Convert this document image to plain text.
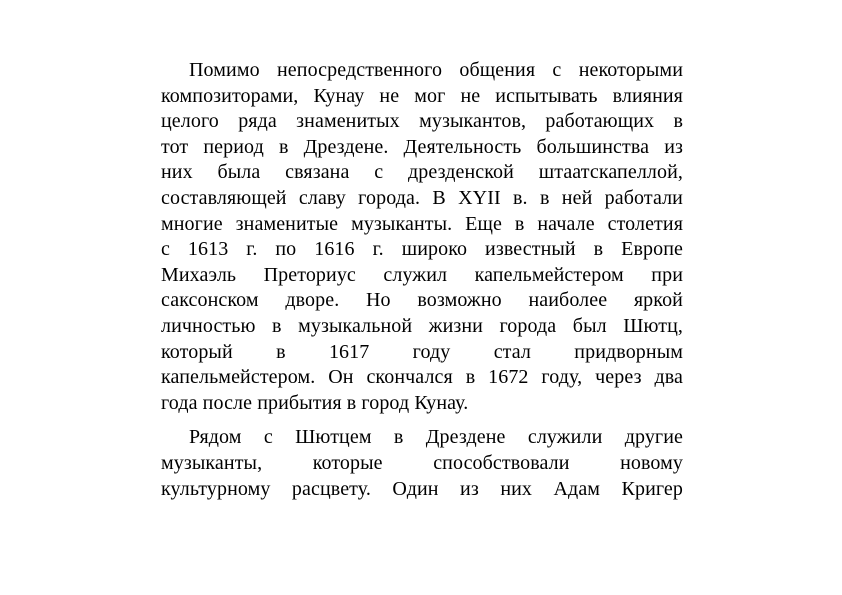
Помимо непосредственного общения с некоторыми
композиторами, Кунау не мог не испытывать влияния
целого ряда знаменитых музыкантов, работающих в
тот период в Дрездене. Деятельность большинства из
них была связана с дрезденской штаатскапеллой,
составляющей славу города. В XYII в. в ней работали
многие знаменитые музыканты. Еще в начале столетия
с 1613 г. по 1616 г. широко известный в Европе
Михаэль Преториус служил капельмейстером при
саксонском дворе. Но возможно наиболее яркой
личностью в музыкальной жизни города был Шютц,
который в 1617 году стал придворным
капельмейстером. Он скончался в 1672 году, через два
года после прибытия в город Кунау.

Рядом с Шютцем в Дрездене служили другие
музыканты, которые способствовали новому
культурному расцвету. Один из них Адам Кригер
